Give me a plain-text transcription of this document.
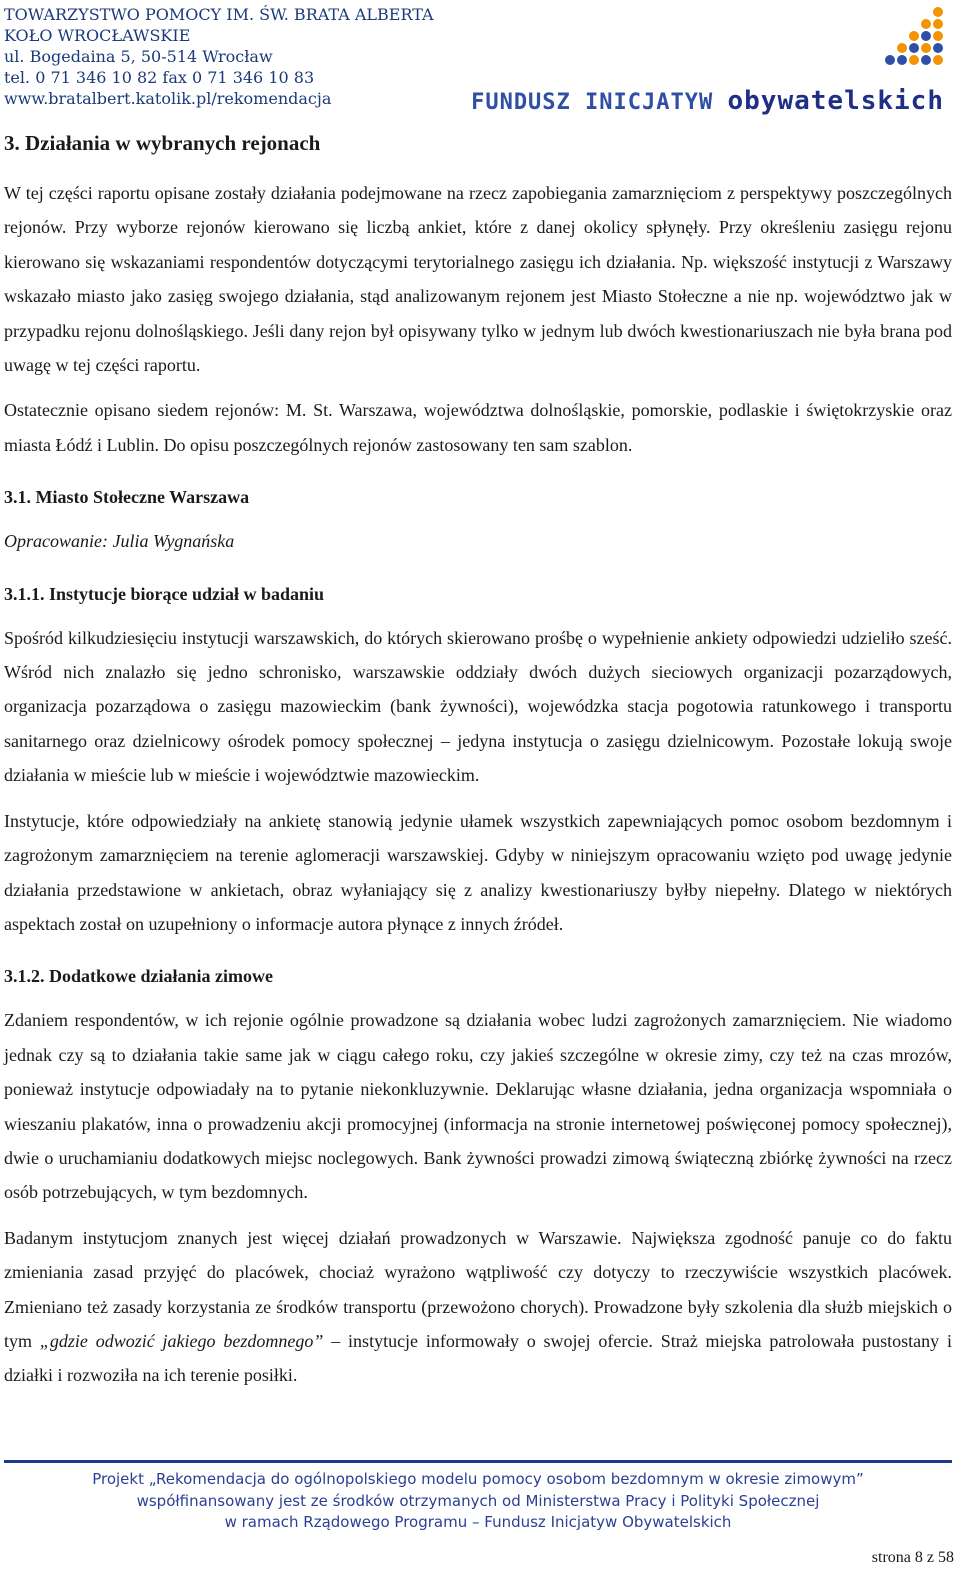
TOWARZYSTWO POMOCY IM. ŚW. BRATA ALBERTA
KOŁO WROCŁAWSKIE
ul. Bogedaina 5, 50-514 Wrocław
tel. 0 71 346 10 82 fax 0 71 346 10 83
www.bratalbert.katolik.pl/rekomendacja	FUNDUSZ INICJATYW obywatelskich
3. Działania w wybranych rejonach

W tej części raportu opisane zostały działania podejmowane na rzecz zapobiegania zamarznięciom z perspektywy poszczególnych rejonów. Przy wyborze rejonów kierowano się liczbą ankiet, które z danej okolicy spłynęły. Przy określeniu zasięgu rejonu kierowano się wskazaniami respondentów dotyczącymi terytorialnego zasięgu ich działania. Np. większość instytucji z Warszawy wskazało miasto jako zasięg swojego działania, stąd analizowanym rejonem jest Miasto Stołeczne a nie np. województwo jak w przypadku rejonu dolnośląskiego. Jeśli dany rejon był opisywany tylko w jednym lub dwóch kwestionariuszach nie była brana pod uwagę w tej części raportu.

Ostatecznie opisano siedem rejonów: M. St. Warszawa, województwa dolnośląskie, pomorskie, podlaskie i świętokrzyskie oraz miasta Łódź i Lublin. Do opisu poszczególnych rejonów zastosowany ten sam szablon.

3.1. Miasto Stołeczne Warszawa

Opracowanie: Julia Wygnańska

3.1.1. Instytucje biorące udział w badaniu

Spośród kilkudziesięciu instytucji warszawskich, do których skierowano prośbę o wypełnienie ankiety odpowiedzi udzieliło sześć. Wśród nich znalazło się jedno schronisko, warszawskie oddziały dwóch dużych sieciowych organizacji pozarządowych, organizacja pozarządowa o zasięgu mazowieckim (bank żywności), wojewódzka stacja pogotowia ratunkowego i transportu sanitarnego oraz dzielnicowy ośrodek pomocy społecznej – jedyna instytucja o zasięgu dzielnicowym. Pozostałe lokują swoje działania w mieście lub w mieście i województwie mazowieckim.

Instytucje, które odpowiedziały na ankietę stanowią jedynie ułamek wszystkich zapewniających pomoc osobom bezdomnym i zagrożonym zamarznięciem na terenie aglomeracji warszawskiej. Gdyby w niniejszym opracowaniu wzięto pod uwagę jedynie działania przedstawione w ankietach, obraz wyłaniający się z analizy kwestionariuszy byłby niepełny. Dlatego w niektórych aspektach został on uzupełniony o informacje autora płynące z innych źródeł.

3.1.2. Dodatkowe działania zimowe

Zdaniem respondentów, w ich rejonie ogólnie prowadzone są działania wobec ludzi zagrożonych zamarznięciem. Nie wiadomo jednak czy są to działania takie same jak w ciągu całego roku, czy jakieś szczególne w okresie zimy, czy też na czas mrozów, ponieważ instytucje odpowiadały na to pytanie niekonkluzywnie. Deklarując własne działania, jedna organizacja wspomniała o wieszaniu plakatów, inna o prowadzeniu akcji promocyjnej (informacja na stronie internetowej poświęconej pomocy społecznej), dwie o uruchamianiu dodatkowych miejsc noclegowych. Bank żywności prowadzi zimową świąteczną zbiórkę żywności na rzecz osób potrzebujących, w tym bezdomnych.

Badanym instytucjom znanych jest więcej działań prowadzonych w Warszawie. Największa zgodność panuje co do faktu zmieniania zasad przyjęć do placówek, chociaż wyrażono wątpliwość czy dotyczy to rzeczywiście wszystkich placówek. Zmieniano też zasady korzystania ze środków transportu (przewożono chorych). Prowadzone były szkolenia dla służb miejskich o tym „gdzie odwozić jakiego bezdomnego” – instytucje informowały o swojej ofercie. Straż miejska patrolowała pustostany i działki i rozwoziła na ich terenie posiłki.

Projekt „Rekomendacja do ogólnopolskiego modelu pomocy osobom bezdomnym w okresie zimowym”
współfinansowany jest ze środków otrzymanych od Ministerstwa Pracy i Polityki Społecznej
w ramach Rządowego Programu – Fundusz Inicjatyw Obywatelskich
strona 8 z 58
